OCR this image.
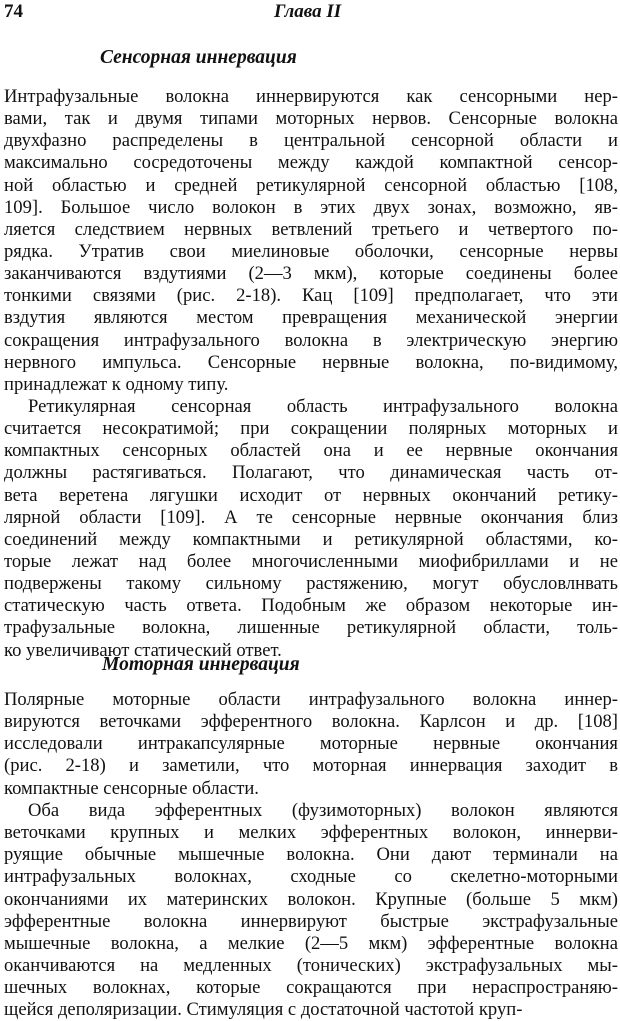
74	Глава II
Сенсорная иннервация
Интрафузальные волокна иннервируются как сенсорными нер-
вами, так и двумя типами моторных нервов. Сенсорные волокна
двухфазно распределены в центральной сенсорной области и
максимально сосредоточены между каждой компактной сенсор-
ной областью и средней ретикулярной сенсорной областью [108,
109]. Большое число волокон в этих двух зонах, возможно, яв-
ляется следствием нервных ветвлений третьего и четвертого по-
рядка. Утратив свои миелиновые оболочки, сенсорные нервы
заканчиваются вздутиями (2—3 мкм), которые соединены более
тонкими связями (рис. 2-18). Кац [109] предполагает, что эти
вздутия являются местом превращения механической энергии
сокращения интрафузального волокна в электрическую энергию
нервного импульса. Сенсорные нервные волокна, по-видимому,
принадлежат к одному типу.
Ретикулярная сенсорная область интрафузального волокна
считается несократимой; при сокращении полярных моторных и
компактных сенсорных областей она и ее нервные окончания
должны растягиваться. Полагают, что динамическая часть от-
вета веретена лягушки исходит от нервных окончаний ретику-
лярной области [109]. А те сенсорные нервные окончания близ
соединений между компактными и ретикулярной областями, ко-
торые лежат над более многочисленными миофибриллами и не
подвержены такому сильному растяжению, могут обусловлнвать
статическую часть ответа. Подобным же образом некоторые ин-
трафузальные волокна, лишенные ретикулярной области, толь-
ко увеличивают статический ответ.
Моторная иннервация
Полярные моторные области интрафузального волокна иннер-
вируются веточками эфферентного волокна. Карлсон и др. [108]
исследовали интракапсулярные моторные нервные окончания
(рис. 2-18) и заметили, что моторная иннервация заходит в
компактные сенсорные области.
Оба вида эфферентных (фузимоторных) волокон являются
веточками крупных и мелких эфферентных волокон, иннерви-
руящие обычные мышечные волокна. Они дают терминали на
интрафузальных волокнах, сходные со скелетно-моторными
окончаниями их материнских волокон. Крупные (больше 5 мкм)
эфферентные волокна иннервируют быстрые экстрафузальные
мышечные волокна, а мелкие (2—5 мкм) эфферентные волокна
оканчиваются на медленных (тонических) экстрафузальных мы-
шечных волокнах, которые сокращаются при нераспространяю-
щейся деполяризации. Стимуляция с достаточной частотой круп-
